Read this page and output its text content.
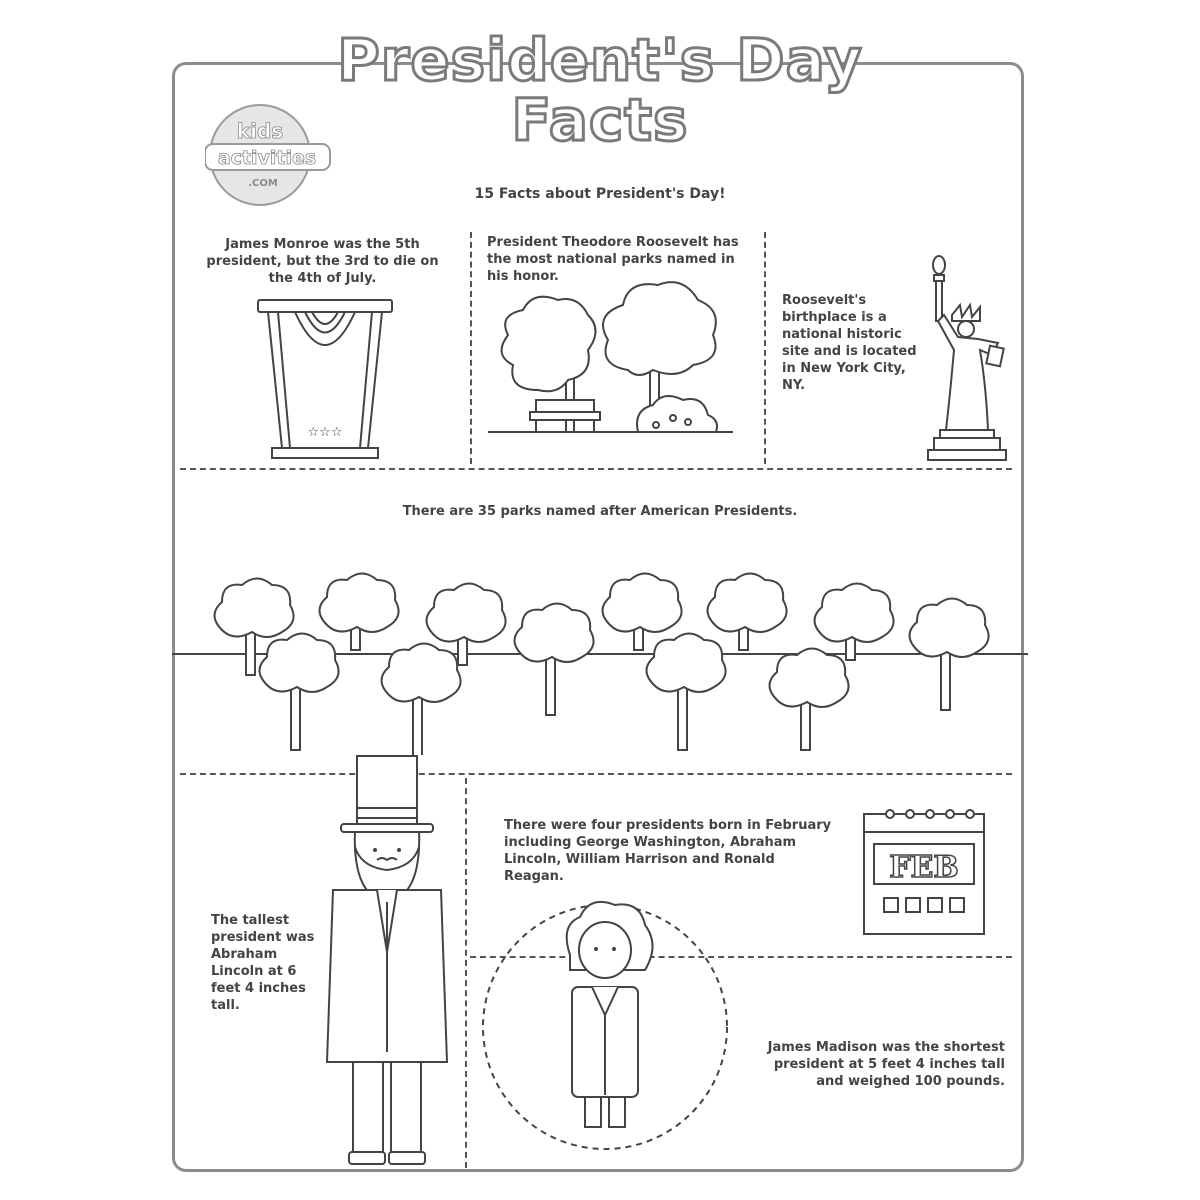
President's Day
Facts
15 Facts about President's Day!
kids
activities
.COM
James Monroe was the 5th president, but the 3rd to die on the 4th of July.
President Theodore Roosevelt has the most national parks named in his honor.
Roosevelt's birthplace is a national historic site and is located in New York City, NY.
There are 35 parks named after American Presidents.
There were four presidents born in February including George Washington, Abraham Lincoln, William Harrison and Ronald Reagan.
The tallest president was Abraham Lincoln at 6 feet 4 inches tall.
James Madison was the shortest president at 5 feet 4 inches tall and weighed 100 pounds.
☆☆☆
FEB
